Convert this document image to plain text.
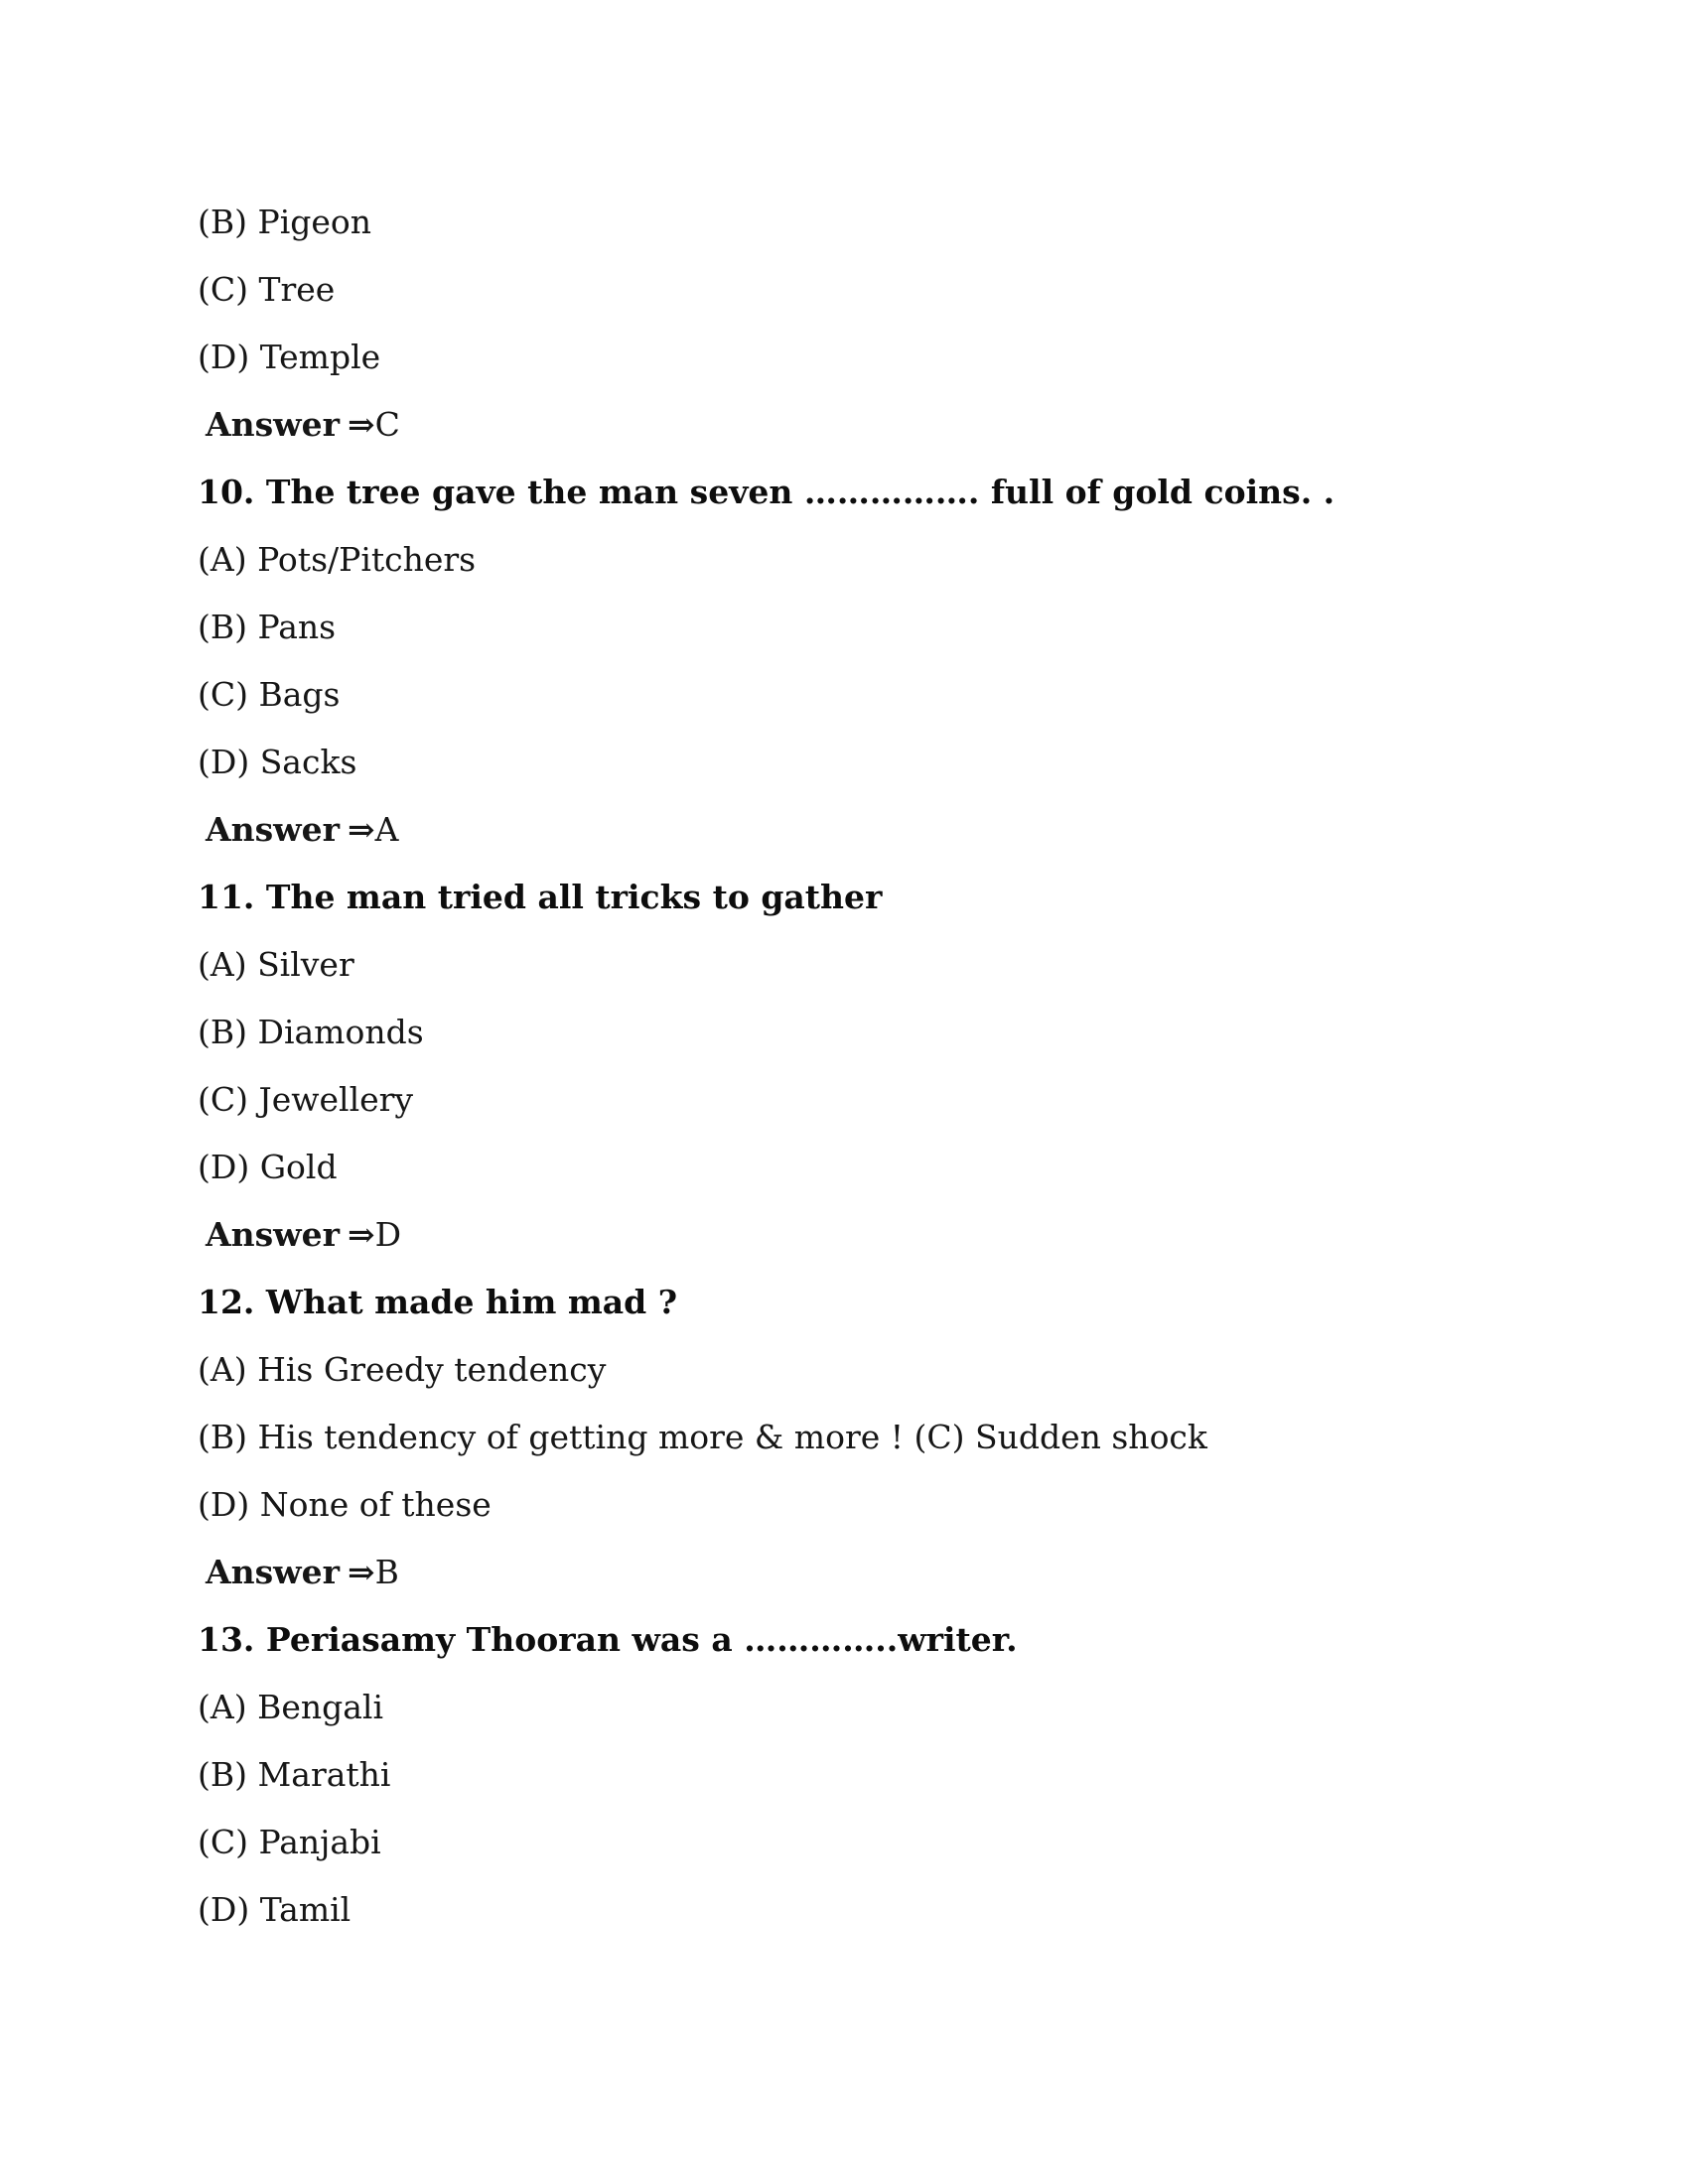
(B) Pigeon
(C) Tree
(D) Temple
Answer ⇒C
10. The tree gave the man seven ……………. full of gold coins. .
(A) Pots/Pitchers
(B) Pans
(C) Bags
(D) Sacks
Answer ⇒A
11. The man tried all tricks to gather
(A) Silver
(B) Diamonds
(C) Jewellery
(D) Gold
Answer ⇒D
12. What made him mad ?
(A) His Greedy tendency
(B) His tendency of getting more & more ! (C) Sudden shock
(D) None of these
Answer ⇒B
13. Periasamy Thooran was a …………..writer.
(A) Bengali
(B) Marathi
(C) Panjabi
(D) Tamil
